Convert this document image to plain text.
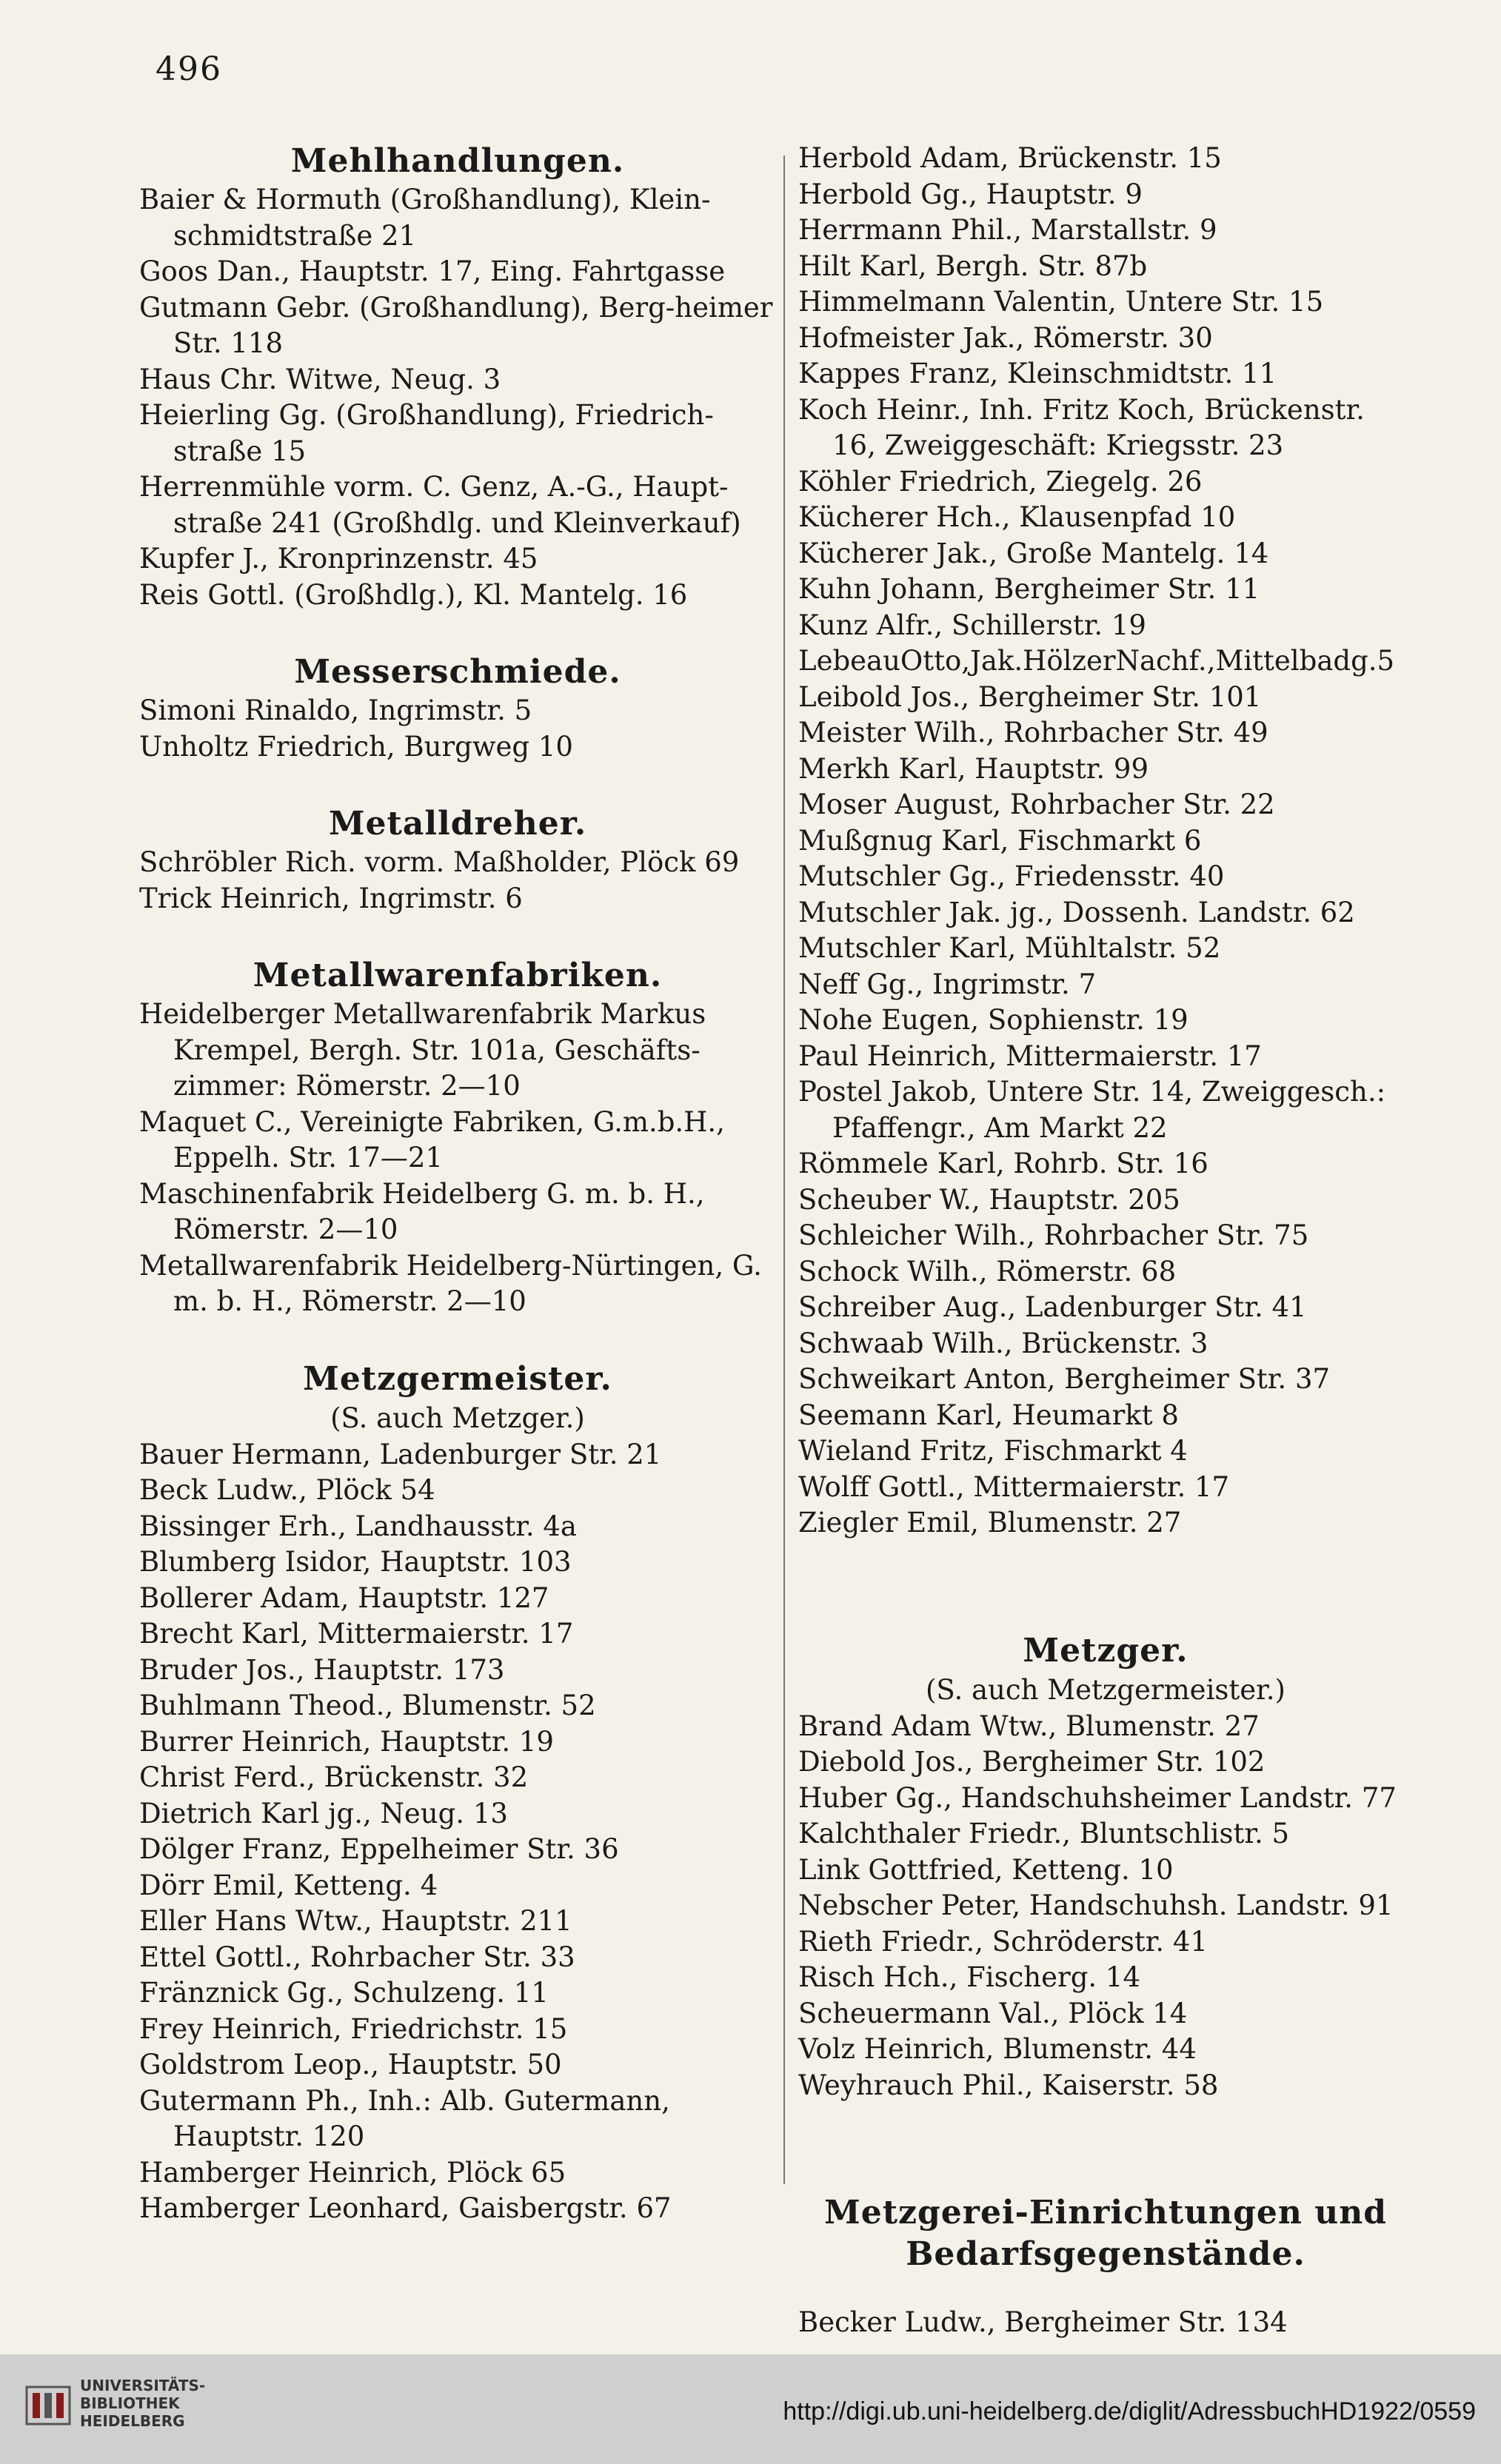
496
Mehlhandlungen.
Baier & Hormuth (Großhandlung), Klein-schmidtstraße 21
Goos Dan., Hauptstr. 17, Eing. Fahrtgasse
Gutmann Gebr. (Großhandlung), Berg-heimer Str. 118
Haus Chr. Witwe, Neug. 3
Heierling Gg. (Großhandlung), Friedrich-straße 15
Herrenmühle vorm. C. Genz, A.-G., Haupt-straße 241 (Großhdlg. und Kleinverkauf)
Kupfer J., Kronprinzenstr. 45
Reis Gottl. (Großhdlg.), Kl. Mantelg. 16
Messerschmiede.
Simoni Rinaldo, Ingrimstr. 5
Unholtz Friedrich, Burgweg 10
Metalldreher.
Schröbler Rich. vorm. Maßholder, Plöck 69
Trick Heinrich, Ingrimstr. 6
Metallwarenfabriken.
Heidelberger Metallwarenfabrik Markus Krempel, Bergh. Str. 101a, Geschäfts-zimmer: Römerstr. 2—10
Maquet C., Vereinigte Fabriken, G.m.b.H., Eppelh. Str. 17—21
Maschinenfabrik Heidelberg G. m. b. H., Römerstr. 2—10
Metallwarenfabrik Heidelberg-Nürtingen, G. m. b. H., Römerstr. 2—10
Metzgermeister.
(S. auch Metzger.)
Bauer Hermann, Ladenburger Str. 21
Beck Ludw., Plöck 54
Bissinger Erh., Landhausstr. 4a
Blumberg Isidor, Hauptstr. 103
Bollerer Adam, Hauptstr. 127
Brecht Karl, Mittermaierstr. 17
Bruder Jos., Hauptstr. 173
Buhlmann Theod., Blumenstr. 52
Burrer Heinrich, Hauptstr. 19
Christ Ferd., Brückenstr. 32
Dietrich Karl jg., Neug. 13
Dölger Franz, Eppelheimer Str. 36
Dörr Emil, Ketteng. 4
Eller Hans Wtw., Hauptstr. 211
Ettel Gottl., Rohrbacher Str. 33
Fränznick Gg., Schulzeng. 11
Frey Heinrich, Friedrichstr. 15
Goldstrom Leop., Hauptstr. 50
Gutermann Ph., Inh.: Alb. Gutermann, Hauptstr. 120
Hamberger Heinrich, Plöck 65
Hamberger Leonhard, Gaisbergstr. 67
Herbold Adam, Brückenstr. 15
Herbold Gg., Hauptstr. 9
Herrmann Phil., Marstallstr. 9
Hilt Karl, Bergh. Str. 87b
Himmelmann Valentin, Untere Str. 15
Hofmeister Jak., Römerstr. 30
Kappes Franz, Kleinschmidtstr. 11
Koch Heinr., Inh. Fritz Koch, Brückenstr. 16, Zweiggeschäft: Kriegsstr. 23
Köhler Friedrich, Ziegelg. 26
Kücherer Hch., Klausenpfad 10
Kücherer Jak., Große Mantelg. 14
Kuhn Johann, Bergheimer Str. 11
Kunz Alfr., Schillerstr. 19
LebeauOtto,Jak.HölzerNachf.,Mittelbadg.5
Leibold Jos., Bergheimer Str. 101
Meister Wilh., Rohrbacher Str. 49
Merkh Karl, Hauptstr. 99
Moser August, Rohrbacher Str. 22
Mußgnug Karl, Fischmarkt 6
Mutschler Gg., Friedensstr. 40
Mutschler Jak. jg., Dossenh. Landstr. 62
Mutschler Karl, Mühltalstr. 52
Neff Gg., Ingrimstr. 7
Nohe Eugen, Sophienstr. 19
Paul Heinrich, Mittermaierstr. 17
Postel Jakob, Untere Str. 14, Zweiggesch.: Pfaffengr., Am Markt 22
Römmele Karl, Rohrb. Str. 16
Scheuber W., Hauptstr. 205
Schleicher Wilh., Rohrbacher Str. 75
Schock Wilh., Römerstr. 68
Schreiber Aug., Ladenburger Str. 41
Schwaab Wilh., Brückenstr. 3
Schweikart Anton, Bergheimer Str. 37
Seemann Karl, Heumarkt 8
Wieland Fritz, Fischmarkt 4
Wolff Gottl., Mittermaierstr. 17
Ziegler Emil, Blumenstr. 27
Metzger.
(S. auch Metzgermeister.)
Brand Adam Wtw., Blumenstr. 27
Diebold Jos., Bergheimer Str. 102
Huber Gg., Handschuhsheimer Landstr. 77
Kalchthaler Friedr., Bluntschlistr. 5
Link Gottfried, Ketteng. 10
Nebscher Peter, Handschuhsh. Landstr. 91
Rieth Friedr., Schröderstr. 41
Risch Hch., Fischerg. 14
Scheuermann Val., Plöck 14
Volz Heinrich, Blumenstr. 44
Weyhrauch Phil., Kaiserstr. 58
Metzgerei-Einrichtungen und Bedarfsgegenstände.
Becker Ludw., Bergheimer Str. 134
UNIVERSITÄTS-
BIBLIOTHEK
HEIDELBERG	http://digi.ub.uni-heidelberg.de/diglit/AdressbuchHD1922/0559
